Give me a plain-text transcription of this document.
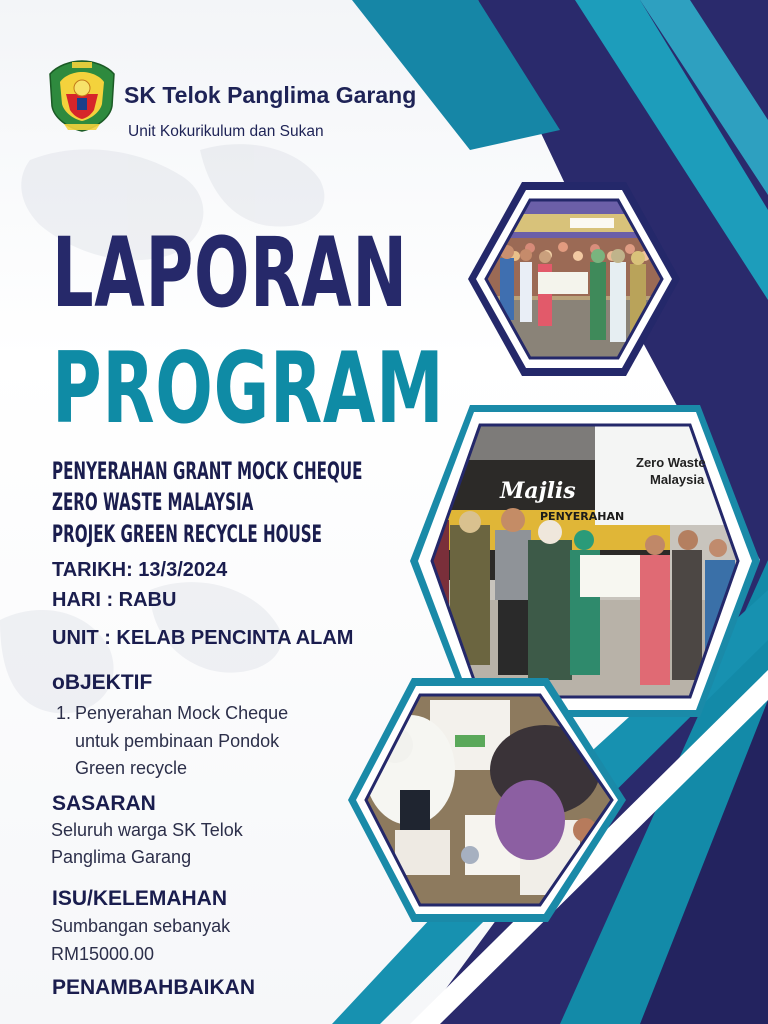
SK Telok Panglima Garang
Unit Kokurikulum dan Sukan
LAPORAN
PROGRAM
PENYERAHAN GRANT MOCK CHEQUE
ZERO WASTE MALAYSIA
PROJEK GREEN RECYCLE HOUSE
TARIKH: 13/3/2024
HARI : RABU
UNIT : KELAB PENCINTA ALAM
oBJEKTIF
1. Penyerahan Mock Cheque
untuk pembinaan Pondok
Green recycle
SASARAN
Seluruh warga SK Telok
Panglima Garang
ISU/KELEMAHAN
Sumbangan sebanyak
RM15000.00
PENAMBAHBAIKAN
Majlis
PENYERAHAN
Zero Waste
Malaysia
